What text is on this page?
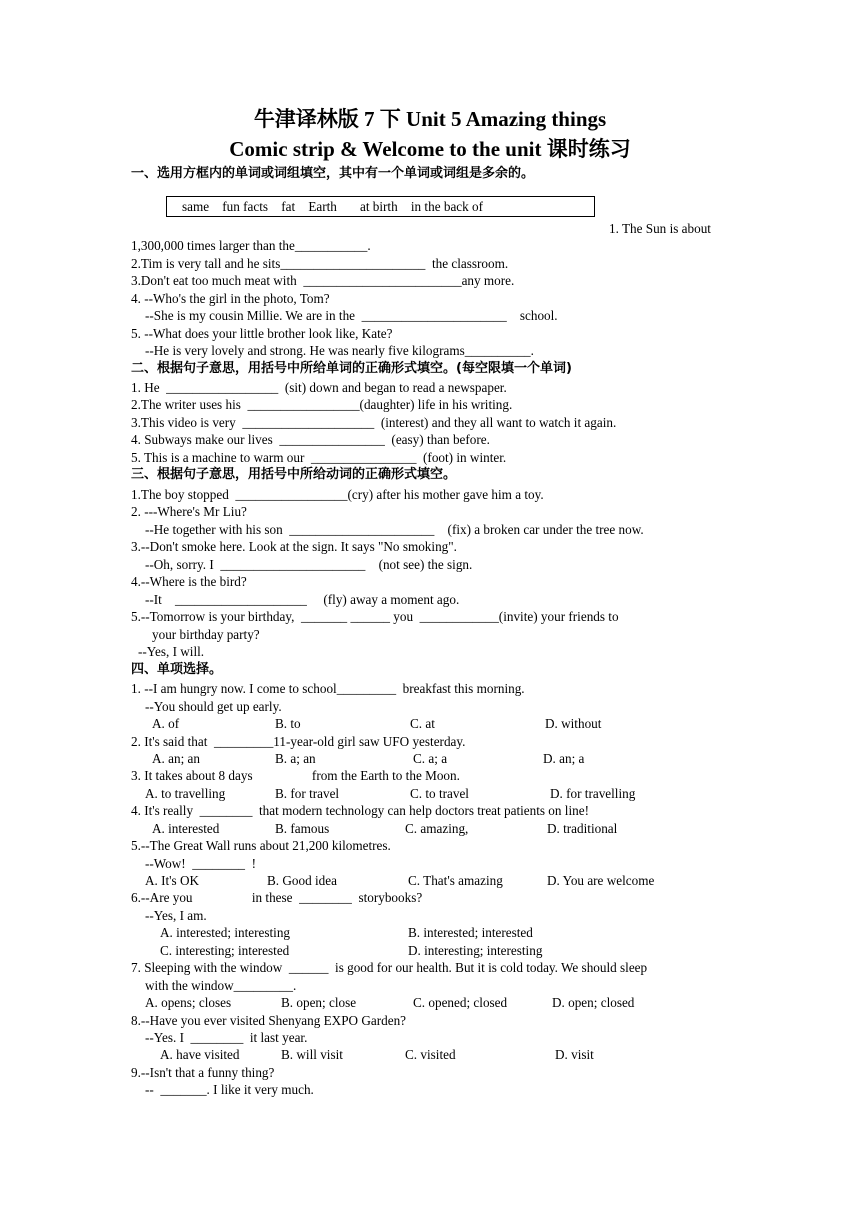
牛津译林版 7 下 Unit 5 Amazing things
Comic strip & Welcome to the unit 课时练习
一、选用方框内的单词或词组填空，其中有一个单词或词组是多余的。
same    fun facts    fat    Earth       at birth    in the back of
1. The Sun is about
1,300,000 times larger than the___________.
2.Tim is very tall and he sits______________________  the classroom.
3.Don't eat too much meat with  ________________________any more.
4. --Who's the girl in the photo, Tom?
--She is my cousin Millie. We are in the  ______________________    school.
5. --What does your little brother look like, Kate?
--He is very lovely and strong. He was nearly five kilograms__________.
二、根据句子意思，用括号中所给单词的正确形式填空。(每空限填一个单词)
1. He  _________________  (sit) down and began to read a newspaper.
2.The writer uses his  _________________(daughter) life in his writing.
3.This video is very  ____________________  (interest) and they all want to watch it again.
4. Subways make our lives  ________________  (easy) than before.
5. This is a machine to warm our  ________________  (foot) in winter.
三、根据句子意思，用括号中所给动词的正确形式填空。
1.The boy stopped  _________________(cry) after his mother gave him a toy.
2. ---Where's Mr Liu?
--He together with his son  ______________________    (fix) a broken car under the tree now.
3.--Don't smoke here. Look at the sign. It says "No smoking".
--Oh, sorry. I  ______________________    (not see) the sign.
4.--Where is the bird?
--It    ____________________     (fly) away a moment ago.
5.--Tomorrow is your birthday,  _______ ______ you  ____________(invite) your friends to
your birthday party?
--Yes, I will.
四、单项选择。
1. --I am hungry now. I come to school_________  breakfast this morning.
--You should get up early.
A. of	B. to	C. at	D. without
2. It's said that  _________11-year-old girl saw UFO yesterday.
A. an; an	B. a; an	C. a; a	D. an; a
3. It takes about 8 days                  from the Earth to the Moon.
A. to travelling	B. for travel	C. to travel	D. for travelling
4. It's really  ________  that modern technology can help doctors treat patients on line!
A. interested	B. famous	C. amazing,	D. traditional
5.--The Great Wall runs about 21,200 kilometres.
--Wow!  ________  !
A. It's OK	B. Good idea	C. That's amazing	D. You are welcome
6.--Are you                  in these  ________  storybooks?
--Yes, I am.
A. interested; interesting	B. interested; interested
C. interesting; interested	D. interesting; interesting
7. Sleeping with the window  ______  is good for our health. But it is cold today. We should sleep
with the window_________.
A. opens; closes	B. open; close	C. opened; closed	D. open; closed
8.--Have you ever visited Shenyang EXPO Garden?
--Yes. I  ________  it last year.
A. have visited	B. will visit	C. visited	D. visit
9.--Isn't that a funny thing?
--  _______. I like it very much.
